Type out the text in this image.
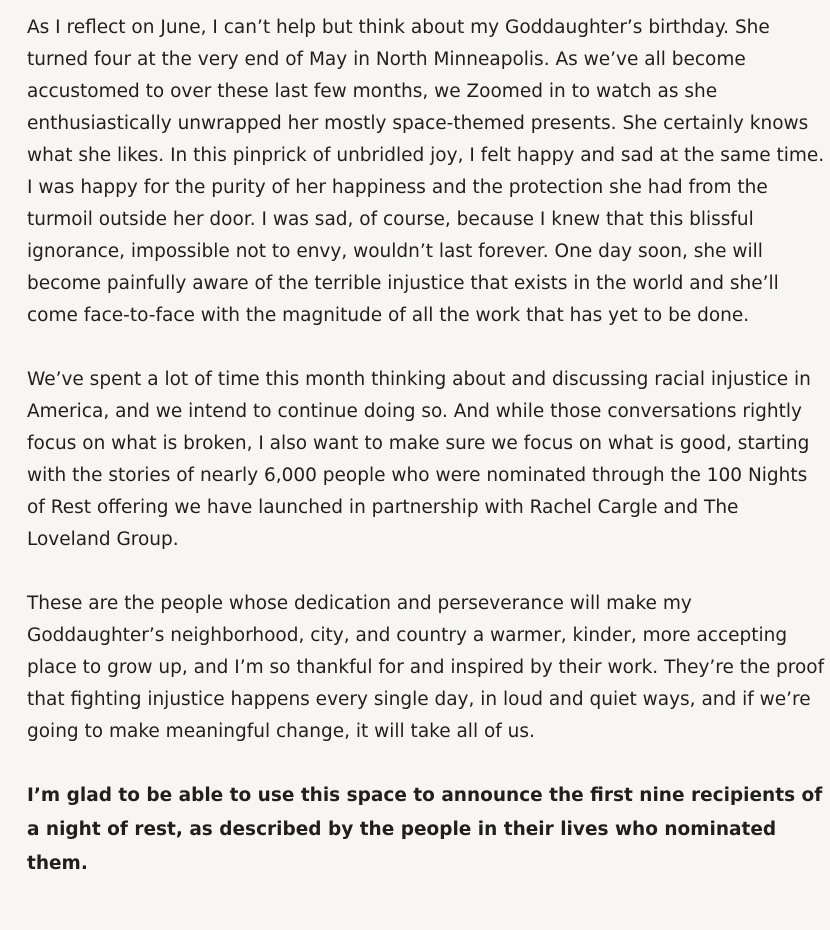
As I reflect on June, I can’t help but think about my Goddaughter’s birthday. She turned four at the very end of May in North Minneapolis. As we’ve all become accustomed to over these last few months, we Zoomed in to watch as she enthusiastically unwrapped her mostly space-themed presents. She certainly knows what she likes. In this pinprick of unbridled joy, I felt happy and sad at the same time. I was happy for the purity of her happiness and the protection she had from the turmoil outside her door. I was sad, of course, because I knew that this blissful ignorance, impossible not to envy, wouldn’t last forever. One day soon, she will become painfully aware of the terrible injustice that exists in the world and she’ll come face-to-face with the magnitude of all the work that has yet to be done.

We’ve spent a lot of time this month thinking about and discussing racial injustice in America, and we intend to continue doing so. And while those conversations rightly focus on what is broken, I also want to make sure we focus on what is good, starting with the stories of nearly 6,000 people who were nominated through the 100 Nights of Rest offering we have launched in partnership with Rachel Cargle and The Loveland Group.

These are the people whose dedication and perseverance will make my Goddaughter’s neighborhood, city, and country a warmer, kinder, more accepting place to grow up, and I’m so thankful for and inspired by their work. They’re the proof that fighting injustice happens every single day, in loud and quiet ways, and if we’re going to make meaningful change, it will take all of us.

I’m glad to be able to use this space to announce the first nine recipients of a night of rest, as described by the people in their lives who nominated them.
